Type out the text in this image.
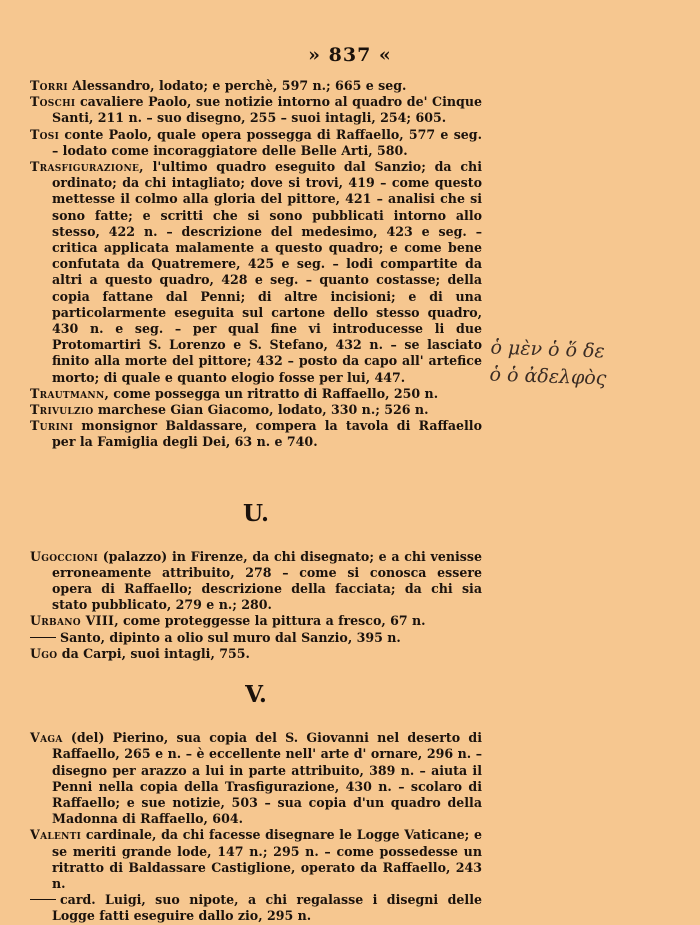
» 837 «
Torri Alessandro, lodato; e perchè, 597 n.; 665 e seg.
Toschi cavaliere Paolo, sue notizie intorno al quadro de' Cinque Santi, 211 n. – suo disegno, 255 – suoi intagli, 254; 605.
Tosi conte Paolo, quale opera possegga di Raffaello, 577 e seg. – lodato come incoraggiatore delle Belle Arti, 580.
Trasfigurazione, l'ultimo quadro eseguito dal Sanzio; da chi ordinato; da chi intagliato; dove si trovi, 419 – come questo mettesse il colmo alla gloria del pittore, 421 – analisi che si sono fatte; e scritti che si sono pubblicati intorno allo stesso, 422 n. – descrizione del medesimo, 423 e seg. – critica applicata malamente a questo quadro; e come bene confutata da Quatremere, 425 e seg. – lodi compartite da altri a questo quadro, 428 e seg. – quanto costasse; della copia fattane dal Penni; di altre incisioni; e di una particolarmente eseguita sul cartone dello stesso quadro, 430 n. e seg. – per qual fine vi introducesse li due Protomartiri S. Lorenzo e S. Stefano, 432 n. – se lasciato finito alla morte del pittore; 432 – posto da capo all' artefice morto; di quale e quanto elogio fosse per lui, 447.
Trautmann, come possegga un ritratto di Raffaello, 250 n.
Trivulzio marchese Gian Giacomo, lodato, 330 n.; 526 n.
Turini monsignor Baldassare, compera la tavola di Raffaello per la Famiglia degli Dei, 63 n. e 740.
U.
Ugoccioni (palazzo) in Firenze, da chi disegnato; e a chi venisse erroneamente attribuito, 278 – come si conosca essere opera di Raffaello; descrizione della facciata; da chi sia stato pubblicato, 279 e n.; 280.
Urbano VIII, come proteggesse la pittura a fresco, 67 n.
Santo, dipinto a olio sul muro dal Sanzio, 395 n.
Ugo da Carpi, suoi intagli, 755.
V.
Vaga (del) Pierino, sua copia del S. Giovanni nel deserto di Raffaello, 265 e n. – è eccellente nell' arte d' ornare, 296 n. – disegno per arazzo a lui in parte attribuito, 389 n. – aiuta il Penni nella copia della Trasfigurazione, 430 n. – scolaro di Raffaello; e sue notizie, 503 – sua copia d'un quadro della Madonna di Raffaello, 604.
Valenti cardinale, da chi facesse disegnare le Logge Vaticane; e se meriti grande lode, 147 n.; 295 n. – come possedesse un ritratto di Baldassare Castiglione, operato da Raffaello, 243 n.
card. Luigi, suo nipote, a chi regalasse i disegni delle Logge fatti eseguire dallo zio, 295 n.
ὁ μὲν ὁ ὅ δε
ὁ ὁ ἀδελφὸς
